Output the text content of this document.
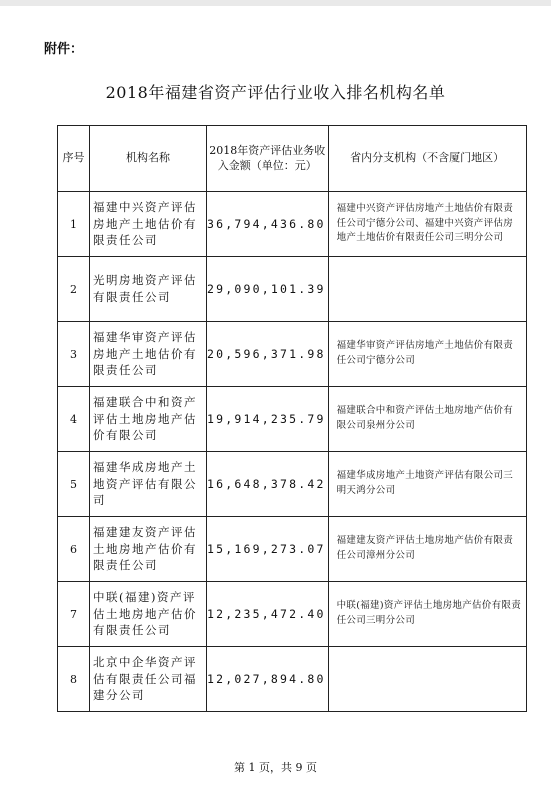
附件：
2018年福建省资产评估行业收入排名机构名单
序号	机构名称	2018年资产评估业务收入金额（单位：元）	省内分支机构（不含厦门地区）
1	福建中兴资产评估房地产土地估价有限责任公司	36,794,436.80	福建中兴资产评估房地产土地估价有限责任公司宁德分公司、福建中兴资产评估房地产土地估价有限责任公司三明分公司
2	光明房地资产评估有限责任公司	29,090,101.39	
3	福建华审资产评估房地产土地估价有限责任公司	20,596,371.98	福建华审资产评估房地产土地估价有限责任公司宁德分公司
4	福建联合中和资产评估土地房地产估价有限公司	19,914,235.79	福建联合中和资产评估土地房地产估价有限公司泉州分公司
5	福建华成房地产土地资产评估有限公司	16,648,378.42	福建华成房地产土地资产评估有限公司三明天鸿分公司
6	福建建友资产评估土地房地产估价有限责任公司	15,169,273.07	福建建友资产评估土地房地产估价有限责任公司漳州分公司
7	中联(福建)资产评估土地房地产估价有限责任公司	12,235,472.40	中联(福建)资产评估土地房地产估价有限责任公司三明分公司
8	北京中企华资产评估有限责任公司福建分公司	12,027,894.80	
第 1 页，共 9 页
